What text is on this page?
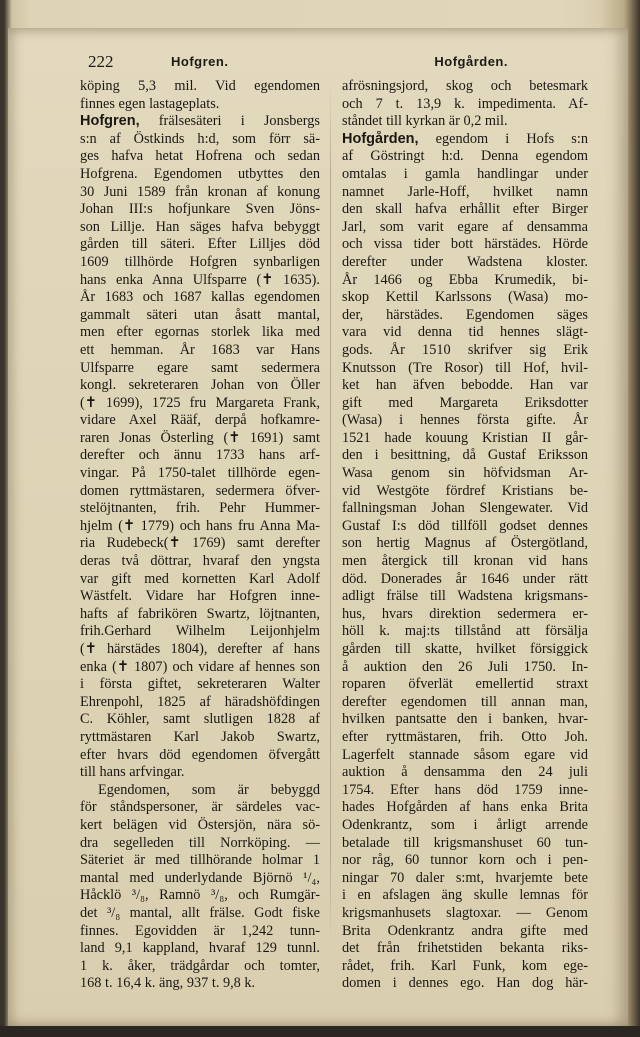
222	Hofgren.	Hofgården.
köping 5,3 mil. Vid egendomen
finnes egen lastageplats.
Hofgren, frälsesäteri i Jonsbergs
s:n af Östkinds h:d, som förr sä-
ges hafva hetat Hofrena och sedan
Hofgrena. Egendomen utbyttes den
30 Juni 1589 från kronan af konung
Johan III:s hofjunkare Sven Jöns-
son Lillje. Han säges hafva bebyggt
gården till säteri. Efter Lilljes död
1609 tillhörde Hofgren synbarligen
hans enka Anna Ulfsparre (✝ 1635).
År 1683 och 1687 kallas egendomen
gammalt säteri utan åsatt mantal,
men efter egornas storlek lika med
ett hemman. År 1683 var Hans
Ulfsparre egare samt sedermera
kongl. sekreteraren Johan von Öller
(✝ 1699), 1725 fru Margareta Frank,
vidare Axel Rääf, derpå hofkamre-
raren Jonas Österling (✝ 1691) samt
derefter och ännu 1733 hans arf-
vingar. På 1750-talet tillhörde egen-
domen ryttmästaren, sedermera öfver-
stelöjtnanten, frih. Pehr Hummer-
hjelm (✝ 1779) och hans fru Anna Ma-
ria Rudebeck(✝ 1769) samt derefter
deras två döttrar, hvaraf den yngsta
var gift med kornetten Karl Adolf
Wästfelt. Vidare har Hofgren inne-
hafts af fabrikören Swartz, löjtnanten,
frih.Gerhard Wilhelm Leijonhjelm
(✝ härstädes 1804), derefter af hans
enka (✝ 1807) och vidare af hennes son
i första giftet, sekreteraren Walter
Ehrenpohl, 1825 af häradshöfdingen
C. Köhler, samt slutligen 1828 af
ryttmästaren Karl Jakob Swartz,
efter hvars död egendomen öfvergått
till hans arfvingar.
Egendomen, som är bebyggd
för ståndspersoner, är särdeles vac-
kert belägen vid Östersjön, nära sö-
dra segelleden till Norrköping. —
Säteriet är med tillhörande holmar 1
mantal med underlydande Björnö ¹/₄,
Håcklö ³/₈, Ramnö ³/₈, och Rumgär-
det ³/₈ mantal, allt frälse. Godt fiske
finnes. Egovidden är 1,242 tunn-
land 9,1 kappland, hvaraf 129 tunnl.
1 k. åker, trädgårdar och tomter,
168 t. 16,4 k. äng, 937 t. 9,8 k.
afrösningsjord, skog och betesmark
och 7 t. 13,9 k. impedimenta. Af-
ståndet till kyrkan är 0,2 mil.
Hofgården, egendom i Hofs s:n
af Göstringt h:d. Denna egendom
omtalas i gamla handlingar under
namnet Jarle-Hoff, hvilket namn
den skall hafva erhållit efter Birger
Jarl, som varit egare af densamma
och vissa tider bott härstädes. Hörde
derefter under Wadstena kloster.
År 1466 og Ebba Krumedik, bi-
skop Kettil Karlssons (Wasa) mo-
der, härstädes. Egendomen säges
vara vid denna tid hennes slägt-
gods. År 1510 skrifver sig Erik
Knutsson (Tre Rosor) till Hof, hvil-
ket han äfven bebodde. Han var
gift med Margareta Eriksdotter
(Wasa) i hennes första gifte. År
1521 hade kouung Kristian II går-
den i besittning, då Gustaf Eriksson
Wasa genom sin höfvidsman Ar-
vid Westgöte fördref Kristians be-
fallningsman Johan Slengewater. Vid
Gustaf I:s död tillföll godset dennes
son hertig Magnus af Östergötland,
men återgick till kronan vid hans
död. Donerades år 1646 under rätt
adligt frälse till Wadstena krigsmans-
hus, hvars direktion sedermera er-
höll k. maj:ts tillstånd att försälja
gården till skatte, hvilket försiggick
å auktion den 26 Juli 1750. In-
roparen öfverlät emellertid straxt
derefter egendomen till annan man,
hvilken pantsatte den i banken, hvar-
efter ryttmästaren, frih. Otto Joh.
Lagerfelt stannade såsom egare vid
auktion å densamma den 24 juli
1754. Efter hans död 1759 inne-
hades Hofgården af hans enka Brita
Odenkrantz, som i årligt arrende
betalade till krigsmanshuset 60 tun-
nor råg, 60 tunnor korn och i pen-
ningar 70 daler s:mt, hvarjemte bete
i en afslagen äng skulle lemnas för
krigsmanhusets slagtoxar. — Genom
Brita Odenkrantz andra gifte med
det från frihetstiden bekanta riks-
rådet, frih. Karl Funk, kom ege-
domen i dennes ego. Han dog här-
